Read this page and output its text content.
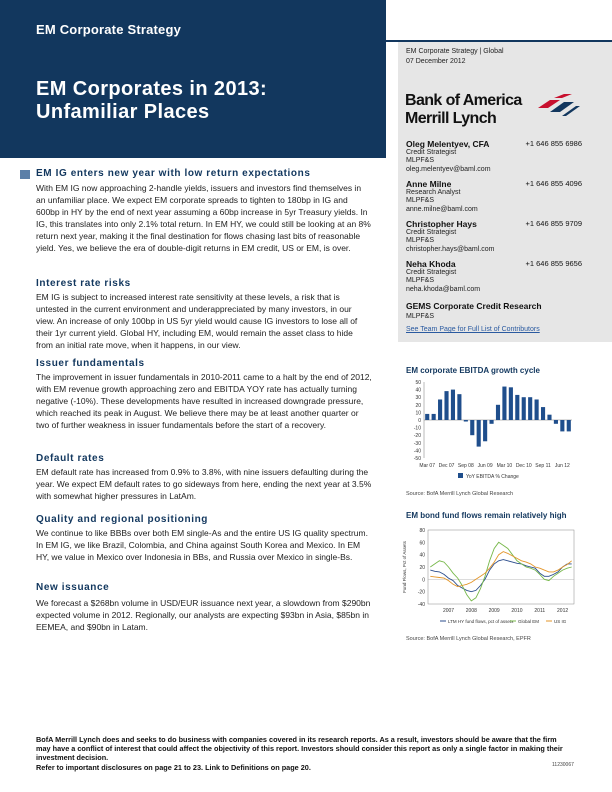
EM Corporate Strategy
EM Corporates in 2013: Unfamiliar Places
EM Corporate Strategy | Global
07 December 2012
Bank of America
Merrill Lynch
Oleg Melentyev, CFA	+1 646 855 6986
Credit Strategist
MLPF&S
oleg.melentyev@baml.com
Anne Milne	+1 646 855 4096
Research Analyst
MLPF&S
anne.milne@baml.com
Christopher Hays	+1 646 855 9709
Credit Strategist
MLPF&S
christopher.hays@baml.com
Neha Khoda	+1 646 855 9656
Credit Strategist
MLPF&S
neha.khoda@baml.com
GEMS Corporate Credit Research
MLPF&S
See Team Page for Full List of Contributors
EM IG enters new year with low return expectations
With EM IG now approaching 2-handle yields, issuers and investors find themselves in an unfamiliar place. We expect EM corporate spreads to tighten to 180bp in IG and 600bp in HY by the end of next year assuming a 60bp increase in 5yr Treasury yields. In IG, this translates into only 2.1% total return. In EM HY, we could still be looking at an 8% return next year, making it the final destination for flows chasing last bits of reasonable yield. Yes, we believe the era of double-digit returns in EM credit, US or EM, is over.
Interest rate risks
EM IG is subject to increased interest rate sensitivity at these levels, a risk that is untested in the current environment and underappreciated by many investors, in our view. An increase of only 100bp in US 5yr yield would cause IG investors to lose all of their 1yr current yield. Global HY, including EM, would remain the asset class to hide from an initial rate move, when it happens, in our view.
Issuer fundamentals
The improvement in issuer fundamentals in 2010-2011 came to a halt by the end of 2012, with EM revenue growth approaching zero and EBITDA YOY rate has actually turning negative (-10%). These developments have resulted in increased downgrade pressure, which reached its peak in August. We believe there may be at least another quarter or two of further weakness in issuer fundamentals before the start of a recovery.
Default rates
EM default rate has increased from 0.9% to 3.8%, with nine issuers defaulting during the year. We expect EM default rates to go sideways from here, ending the next year at 3.5% with somewhat higher pressures in LatAm.
Quality and regional positioning
We continue to like BBBs over both EM single-As and the entire US IG quality spectrum. In EM IG, we like Brazil, Colombia, and China against South Korea and Mexico. In EM HY, we value in Mexico over Indonesia in BBs, and Russia over Mexico in single-Bs.
New issuance
We forecast a $268bn volume in USD/EUR issuance next year, a slowdown from $290bn expected volume in 2012. Regionally, our analysts are expecting $93bn in Asia, $85bn in EEMEA, and $90bn in Latam.
EM corporate EBITDA growth cycle
50
40
30
20
10
0
-10
-20
-30
-40
-50
Mar 07 Dec 07 Sep 08 Jun 09 Mar 10 Dec 10 Sep 11 Jun 12
YoY EBITDA % Change
Source: BofA Merrill Lynch Global Research
EM bond fund flows remain relatively high
80
60
40
20
0
-20
-40
2007 2008 2009 2010 2011 2012
Fund Flows, Pct of Assets
LTM HY fund flows, pct of assets Global EM	US IG
Source: BofA Merrill Lynch Global Research, EPFR
BofA Merrill Lynch does and seeks to do business with companies covered in its research reports. As a result, investors should be aware that the firm may have a conflict of interest that could affect the objectivity of this report. Investors should consider this report as only a single factor in making their investment decision.
Refer to important disclosures on page 21 to 23. Link to Definitions on page 20.	11230067
